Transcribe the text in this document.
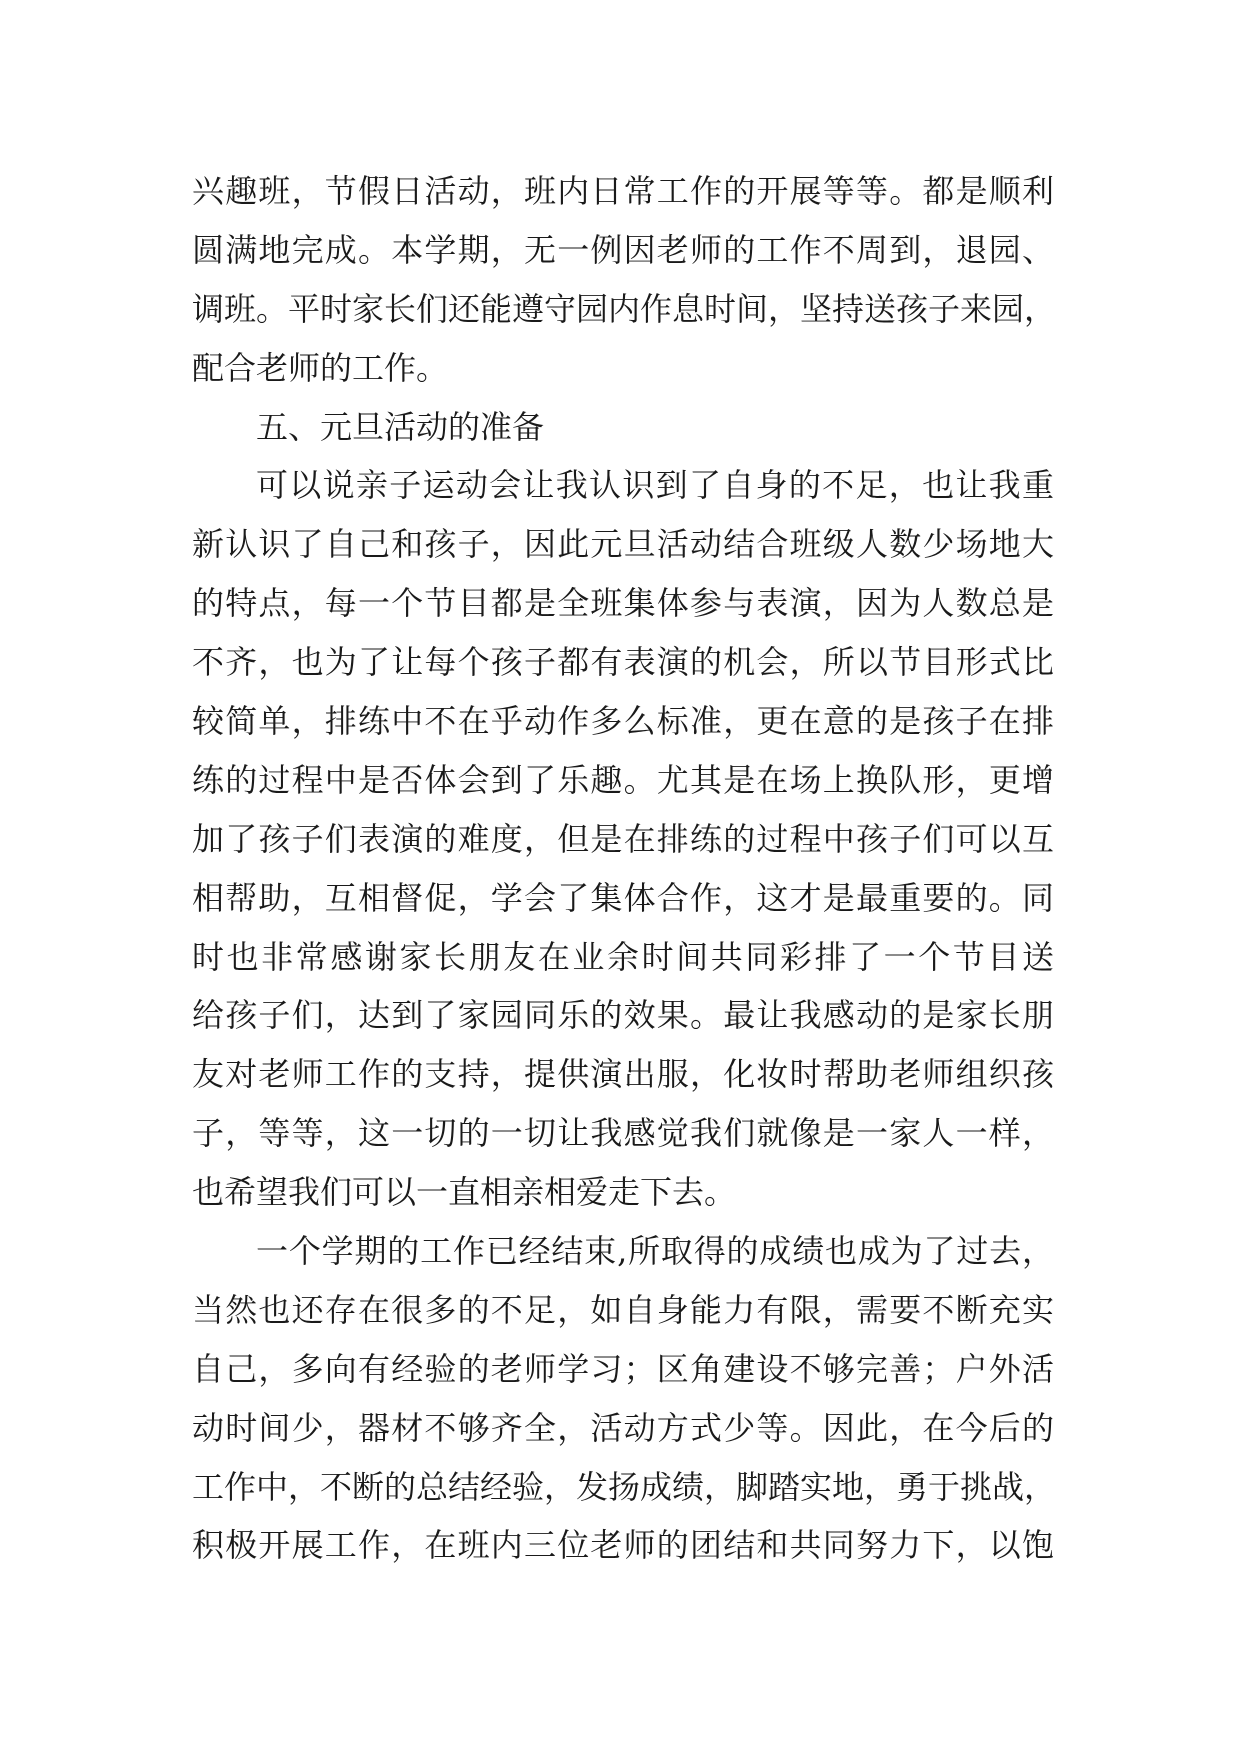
兴趣班，节假日活动，班内日常工作的开展等等。都是顺利
圆满地完成。本学期，无一例因老师的工作不周到，退园、
调班。平时家长们还能遵守园内作息时间，坚持送孩子来园，
配合老师的工作。
五、元旦活动的准备
可以说亲子运动会让我认识到了自身的不足，也让我重
新认识了自己和孩子，因此元旦活动结合班级人数少场地大
的特点，每一个节目都是全班集体参与表演，因为人数总是
不齐，也为了让每个孩子都有表演的机会，所以节目形式比
较简单，排练中不在乎动作多么标准，更在意的是孩子在排
练的过程中是否体会到了乐趣。尤其是在场上换队形，更增
加了孩子们表演的难度，但是在排练的过程中孩子们可以互
相帮助，互相督促，学会了集体合作，这才是最重要的。同
时也非常感谢家长朋友在业余时间共同彩排了一个节目送
给孩子们，达到了家园同乐的效果。最让我感动的是家长朋
友对老师工作的支持，提供演出服，化妆时帮助老师组织孩
子，等等，这一切的一切让我感觉我们就像是一家人一样，
也希望我们可以一直相亲相爱走下去。
一个学期的工作已经结束,所取得的成绩也成为了过去，
当然也还存在很多的不足，如自身能力有限，需要不断充实
自己，多向有经验的老师学习；区角建设不够完善；户外活
动时间少，器材不够齐全，活动方式少等。因此，在今后的
工作中，不断的总结经验，发扬成绩，脚踏实地，勇于挑战，
积极开展工作，在班内三位老师的团结和共同努力下，以饱
